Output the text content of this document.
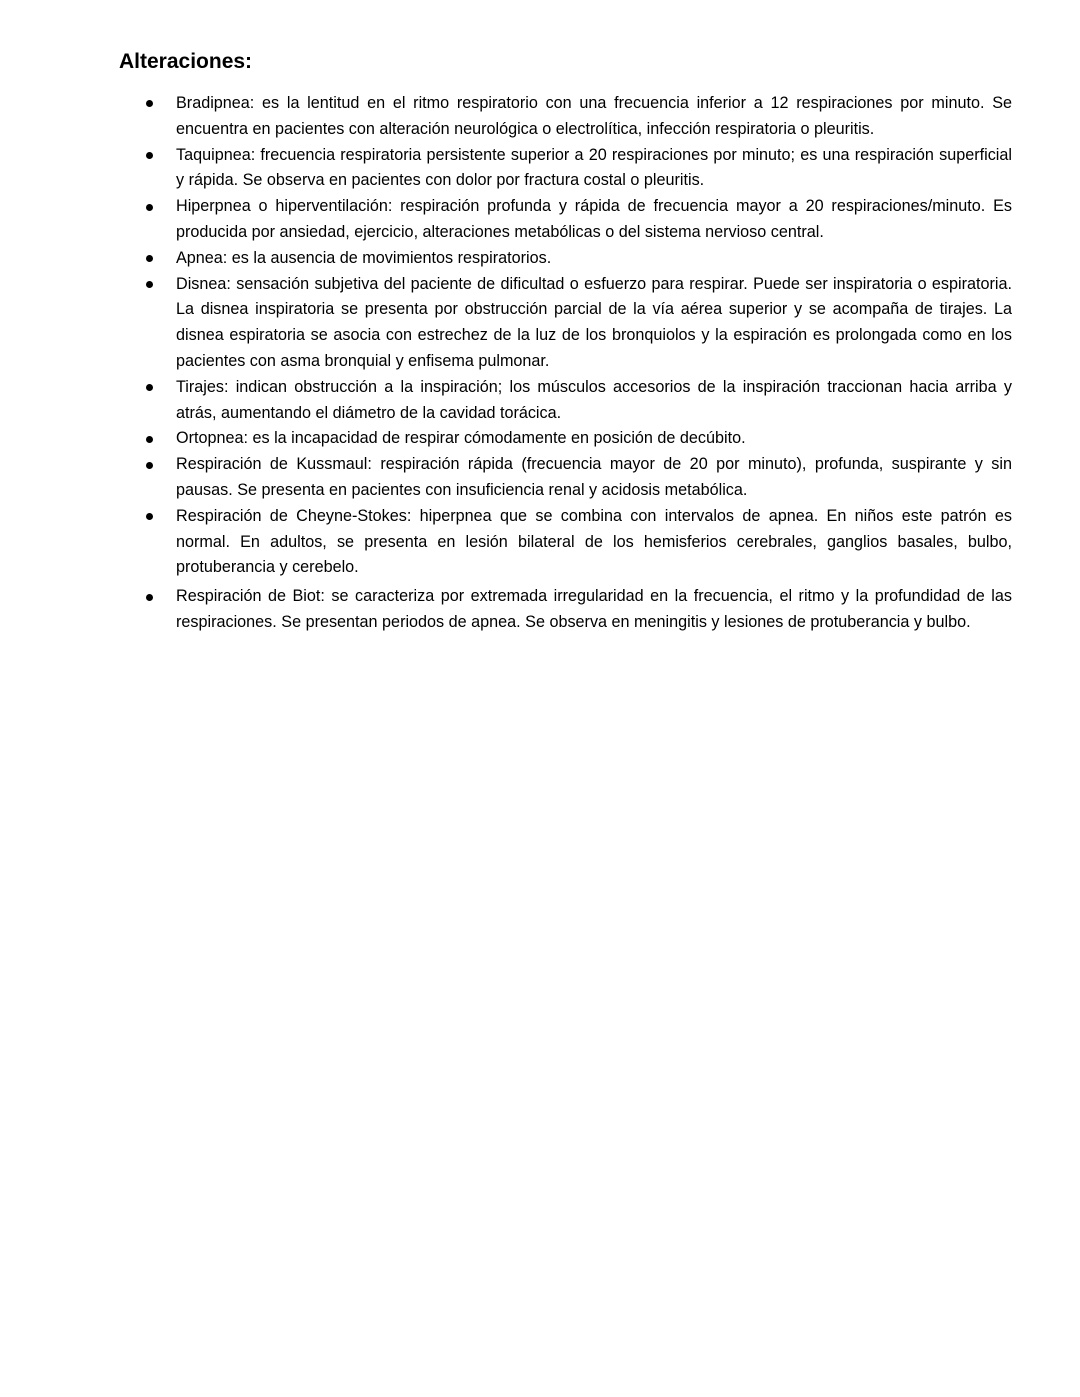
Alteraciones:
Bradipnea: es la lentitud en el ritmo respiratorio con una frecuencia inferior a 12 respiraciones por minuto. Se encuentra en pacientes con alteración neurológica o electrolítica, infección respiratoria o pleuritis.
Taquipnea: frecuencia respiratoria persistente superior a 20 respiraciones por minuto; es una respiración superficial y rápida. Se observa en pacientes con dolor por fractura costal o pleuritis.
Hiperpnea o hiperventilación: respiración profunda y rápida de frecuencia mayor a 20 respiraciones/minuto. Es producida por ansiedad, ejercicio, alteraciones metabólicas o del sistema nervioso central.
Apnea: es la ausencia de movimientos respiratorios.
Disnea: sensación subjetiva del paciente de dificultad o esfuerzo para respirar. Puede ser inspiratoria o espiratoria. La disnea inspiratoria se presenta por obstrucción parcial de la vía aérea superior y se acompaña de tirajes. La disnea espiratoria se asocia con estrechez de la luz de los bronquiolos y la espiración es prolongada como en los pacientes con asma bronquial y enfisema pulmonar.
Tirajes: indican obstrucción a la inspiración; los músculos accesorios de la inspiración traccionan hacia arriba y atrás, aumentando el diámetro de la cavidad torácica.
Ortopnea: es la incapacidad de respirar cómodamente en posición de decúbito.
Respiración de Kussmaul: respiración rápida (frecuencia mayor de 20 por minuto), profunda, suspirante y sin pausas. Se presenta en pacientes con insuficiencia renal y acidosis metabólica.
Respiración de Cheyne-Stokes: hiperpnea que se combina con intervalos de apnea. En niños este patrón es normal. En adultos, se presenta en lesión bilateral de los hemisferios cerebrales, ganglios basales, bulbo, protuberancia y cerebelo.
Respiración de Biot: se caracteriza por extremada irregularidad en la frecuencia, el ritmo y la profundidad de las respiraciones. Se presentan periodos de apnea. Se observa en meningitis y lesiones de protuberancia y bulbo.
